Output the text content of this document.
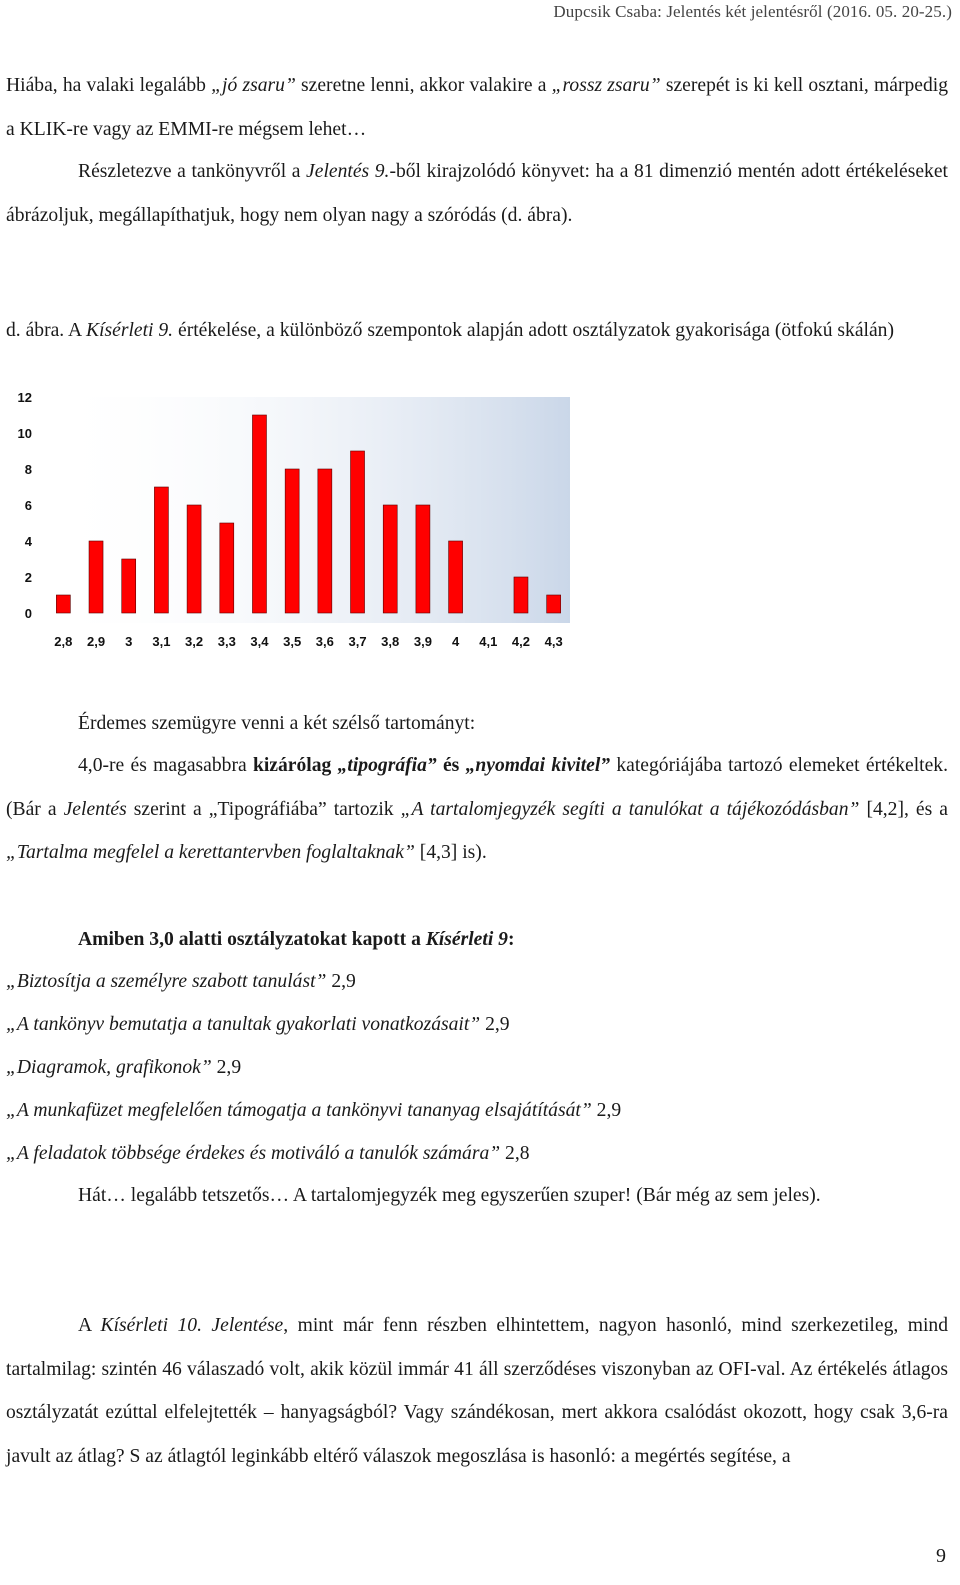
Dupcsik Csaba: Jelentés két jelentésről (2016. 05. 20-25.)
Hiába, ha valaki legalább „jó zsaru” szeretne lenni, akkor valakire a „rossz zsaru” szerepét is ki kell osztani, márpedig a KLIK-re vagy az EMMI-re mégsem lehet…
Részletezve a tankönyvről a Jelentés 9.-ből kirajzolódó könyvet: ha a 81 dimenzió mentén adott értékeléseket ábrázoljuk, megállapíthatjuk, hogy nem olyan nagy a szóródás (d. ábra).
d. ábra. A Kísérleti 9. értékelése, a különböző szempontok alapján adott osztályzatok gyakorisága (ötfokú skálán)
0
2
4
6
8
10
12
2,8 2,9 3 3,1 3,2 3,3 3,4 3,5 3,6 3,7 3,8 3,9 4 4,1 4,2 4,3
Érdemes szemügyre venni a két szélső tartományt:
4,0-re és magasabbra kizárólag „tipográfia” és „nyomdai kivitel” kategóriájába tartozó elemeket értékeltek. (Bár a Jelentés szerint a „Tipográfiába” tartozik „A tartalomjegyzék segíti a tanulókat a tájékozódásban” [4,2], és a „Tartalma megfelel a kerettantervben foglaltaknak” [4,3] is).
Amiben 3,0 alatti osztályzatokat kapott a Kísérleti 9:
„Biztosítja a személyre szabott tanulást” 2,9
„A tankönyv bemutatja a tanultak gyakorlati vonatkozásait” 2,9
„Diagramok, grafikonok” 2,9
„A munkafüzet megfelelően támogatja a tankönyvi tananyag elsajátítását” 2,9
„A feladatok többsége érdekes és motiváló a tanulók számára” 2,8
Hát… legalább tetszetős… A tartalomjegyzék meg egyszerűen szuper! (Bár még az sem jeles).
A Kísérleti 10. Jelentése, mint már fenn részben elhintettem, nagyon hasonló, mind szerkezetileg, mind tartalmilag: szintén 46 válaszadó volt, akik közül immár 41 áll szerződéses viszonyban az OFI-val. Az értékelés átlagos osztályzatát ezúttal elfelejtették – hanyagságból? Vagy szándékosan, mert akkora csalódást okozott, hogy csak 3,6-ra javult az átlag? S az átlagtól leginkább eltérő válaszok megoszlása is hasonló: a megértés segítése, a
9
